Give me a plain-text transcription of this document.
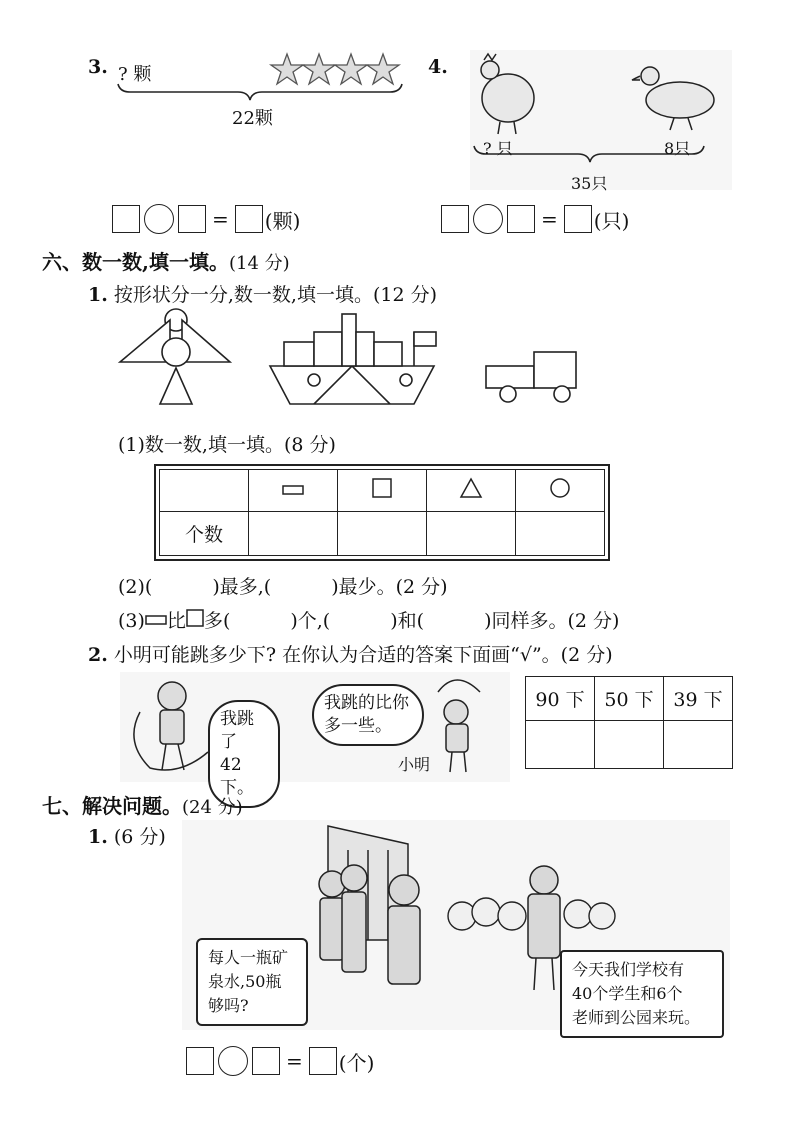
3. ? 颗
22颗
= (颗)
4.
? 只	8只
35只
= (只)
六、数一数,填一填。(14 分)
1. 按形状分一分,数一数,填一填。(12 分)
(1)数一数,填一填。(8 分)

个数				
(2)(	)最多,(	)最少。(2 分)
(3) 比 多(	)个,(	)和(	)同样多。(2 分)
2. 小明可能跳多少下? 在你认为合适的答案下面画“√”。(2 分)
我跳了
42下。
我跳的比你
多一些。
小明
90 下	50 下	39 下

七、解决问题。(24 分)
1. (6 分)
每人一瓶矿
泉水,50瓶
够吗?
今天我们学校有
40个学生和6个
老师到公园来玩。
= (个)
